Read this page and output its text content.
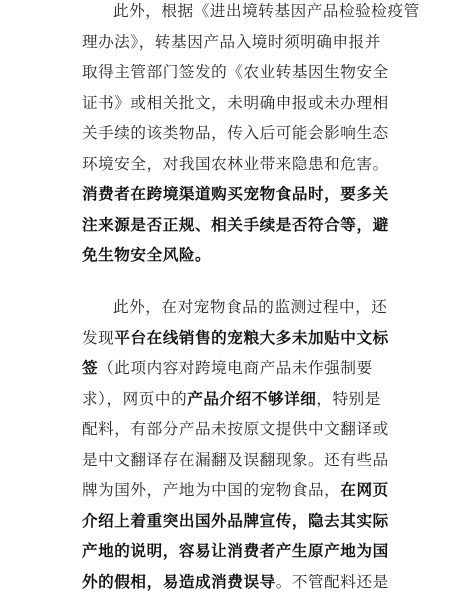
此外，根据《进出境转基因产品检验检疫管
理办法》，转基因产品入境时须明确申报并
取得主管部门签发的《农业转基因生物安全
证书》或相关批文，未明确申报或未办理相
关手续的该类物品，传入后可能会影响生态
环境安全，对我国农林业带来隐患和危害。
消费者在跨境渠道购买宠物食品时，要多关
注来源是否正规、相关手续是否符合等，避
免生物安全风险。
此外，在对宠物食品的监测过程中，还
发现平台在线销售的宠粮大多未加贴中文标
签（此项内容对跨境电商产品未作强制要
求），网页中的产品介绍不够详细，特别是
配料，有部分产品未按原文提供中文翻译或
是中文翻译存在漏翻及误翻现象。还有些品
牌为国外，产地为中国的宠物食品，在网页
介绍上着重突出国外品牌宣传，隐去其实际
产地的说明，容易让消费者产生原产地为国
外的假相，易造成消费误导。不管配料还是
